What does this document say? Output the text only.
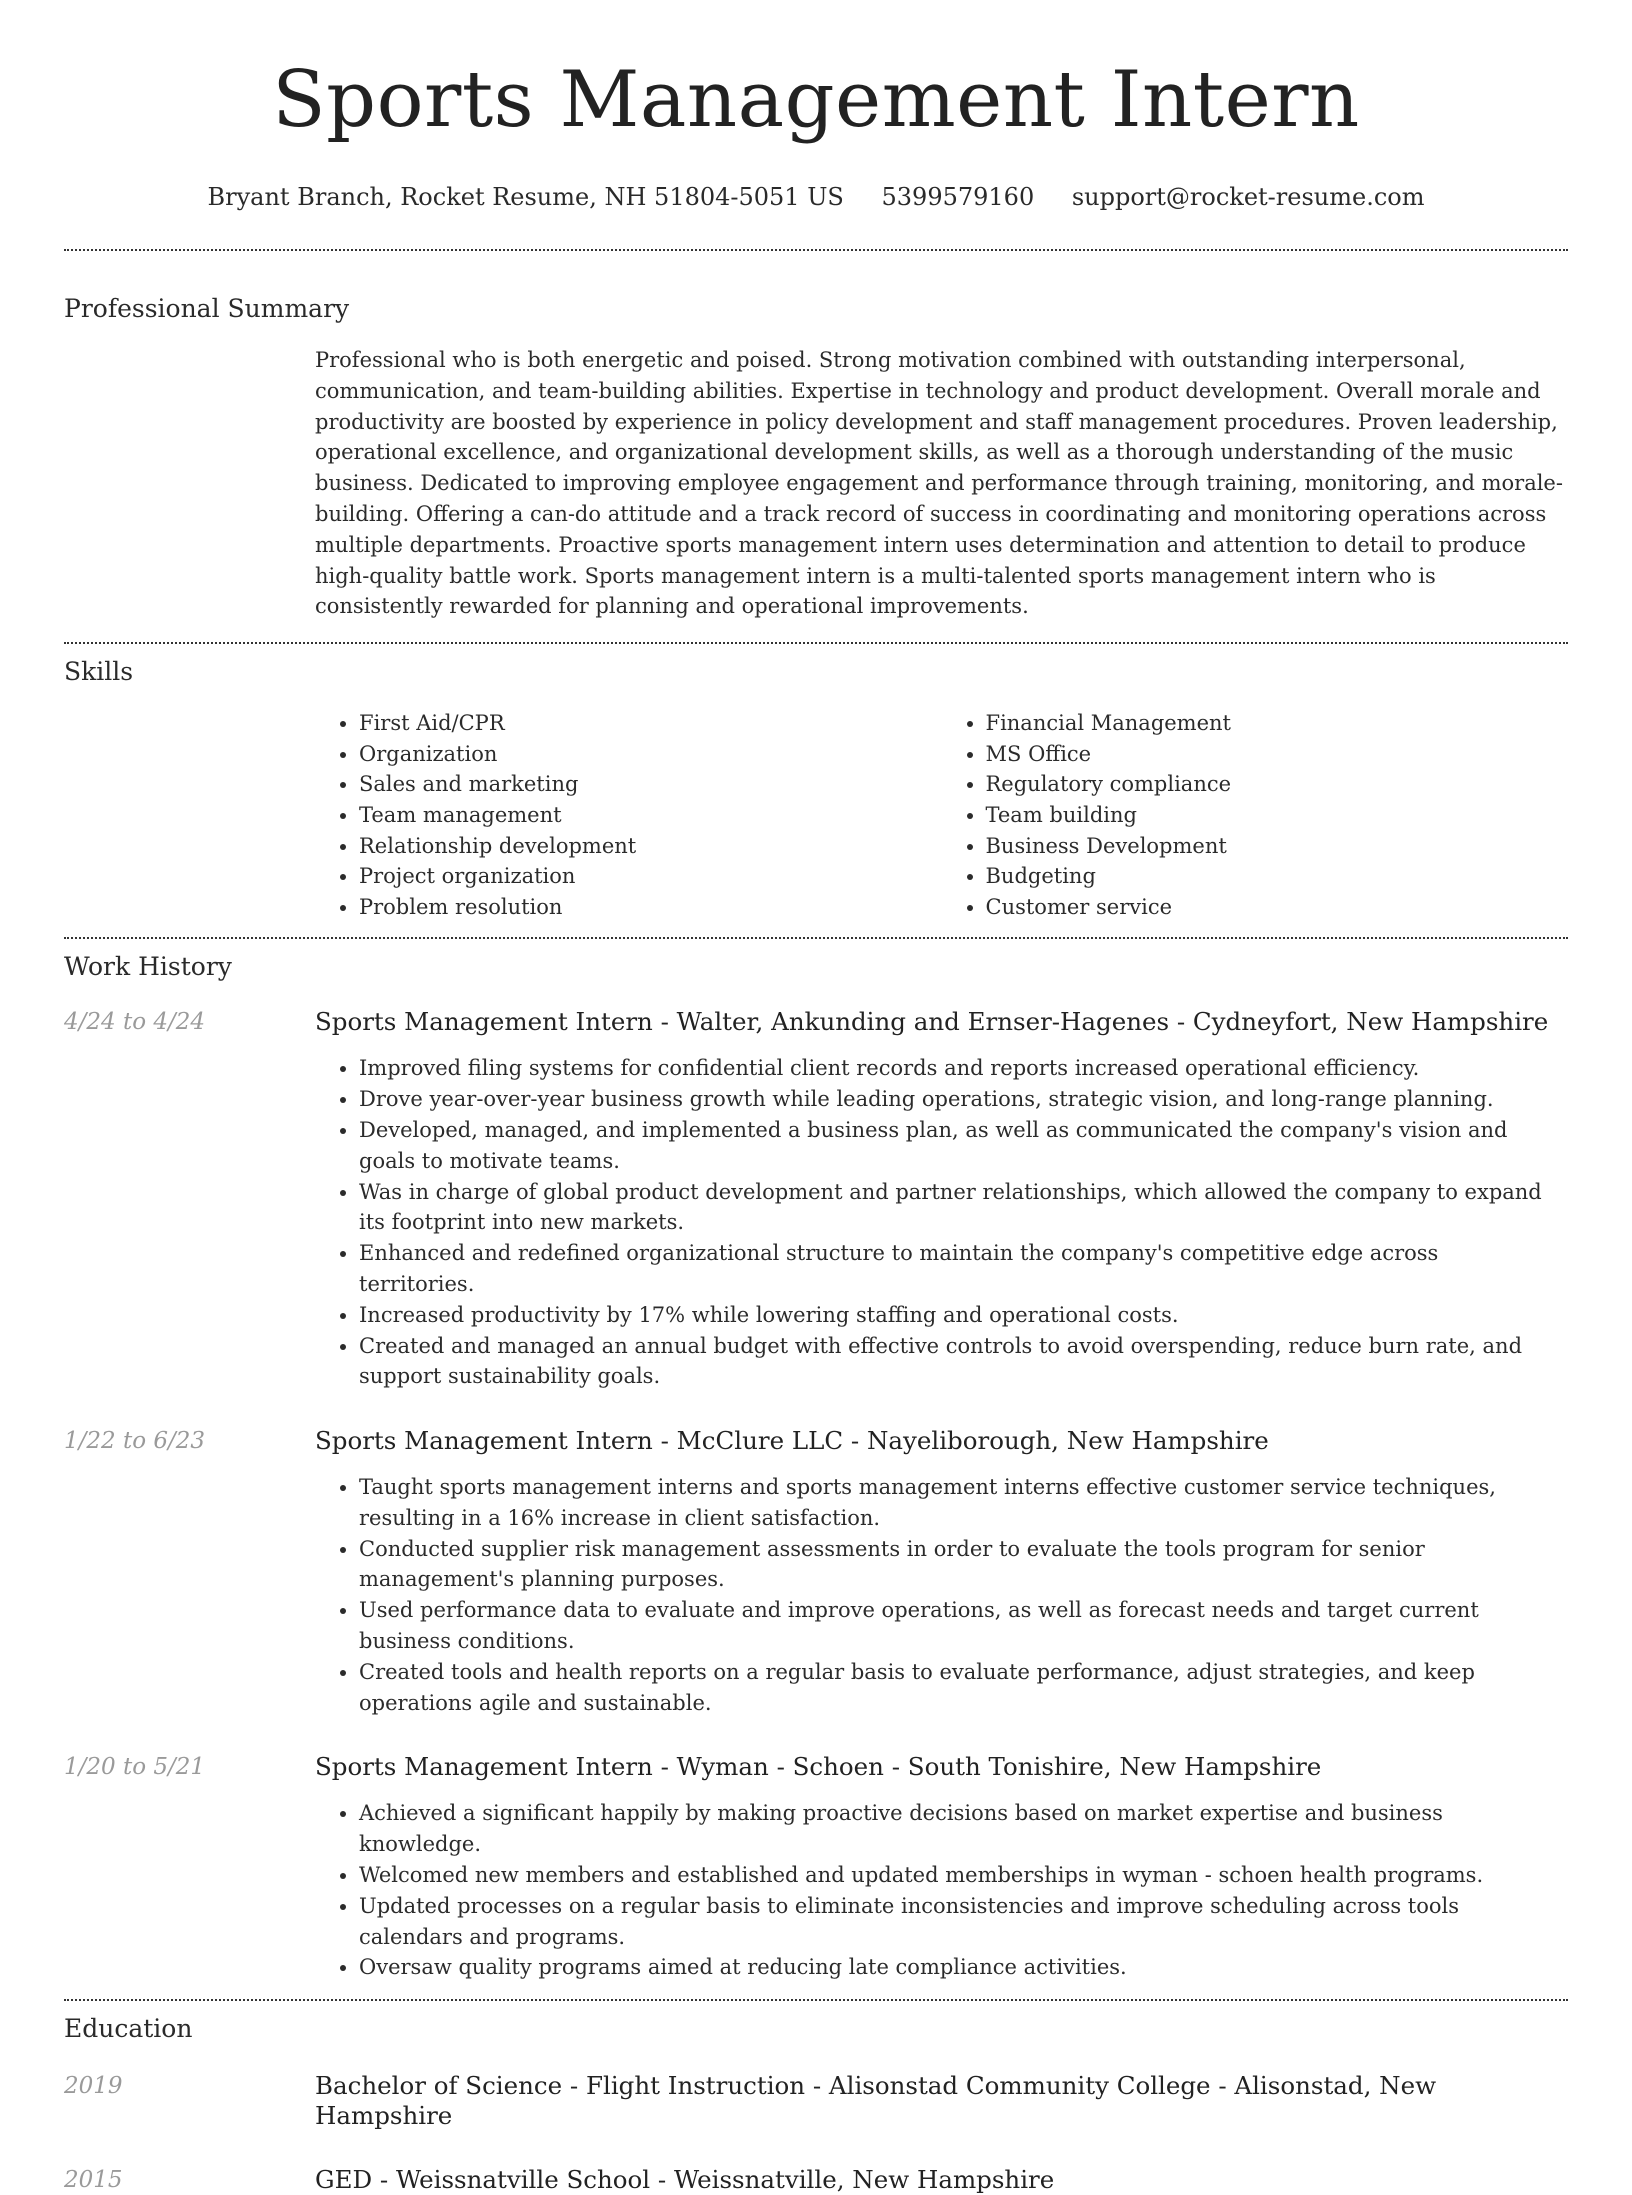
Sports Management Intern
Bryant Branch, Rocket Resume, NH 51804-5051 US 5399579160 support@rocket-resume.com
Professional Summary

Professional who is both energetic and poised. Strong motivation combined with outstanding interpersonal, communication, and team-building abilities. Expertise in technology and product development. Overall morale and productivity are boosted by experience in policy development and staff management procedures. Proven leadership, operational excellence, and organizational development skills, as well as a thorough understanding of the music business. Dedicated to improving employee engagement and performance through training, monitoring, and morale-building. Offering a can-do attitude and a track record of success in coordinating and monitoring operations across multiple departments. Proactive sports management intern uses determination and attention to detail to produce high-quality battle work. Sports management intern is a multi-talented sports management intern who is consistently rewarded for planning and operational improvements.

Skills
• First Aid/CPR
• Organization
• Sales and marketing
• Team management
• Relationship development
• Project organization
• Problem resolution
• Financial Management
• MS Office
• Regulatory compliance
• Team building
• Business Development
• Budgeting
• Customer service
Work History
4/24 to 4/24	Sports Management Intern - Walter, Ankunding and Ernser-Hagenes - Cydneyfort, New Hampshire
• Improved filing systems for confidential client records and reports increased operational efficiency.
• Drove year-over-year business growth while leading operations, strategic vision, and long-range planning.
• Developed, managed, and implemented a business plan, as well as communicated the company's vision and goals to motivate teams.
• Was in charge of global product development and partner relationships, which allowed the company to expand its footprint into new markets.
• Enhanced and redefined organizational structure to maintain the company's competitive edge across territories.
• Increased productivity by 17% while lowering staffing and operational costs.
• Created and managed an annual budget with effective controls to avoid overspending, reduce burn rate, and support sustainability goals.
1/22 to 6/23	Sports Management Intern - McClure LLC - Nayeliborough, New Hampshire
• Taught sports management interns and sports management interns effective customer service techniques, resulting in a 16% increase in client satisfaction.
• Conducted supplier risk management assessments in order to evaluate the tools program for senior management's planning purposes.
• Used performance data to evaluate and improve operations, as well as forecast needs and target current business conditions.
• Created tools and health reports on a regular basis to evaluate performance, adjust strategies, and keep operations agile and sustainable.
1/20 to 5/21	Sports Management Intern - Wyman - Schoen - South Tonishire, New Hampshire
• Achieved a significant happily by making proactive decisions based on market expertise and business knowledge.
• Welcomed new members and established and updated memberships in wyman - schoen health programs.
• Updated processes on a regular basis to eliminate inconsistencies and improve scheduling across tools calendars and programs.
• Oversaw quality programs aimed at reducing late compliance activities.
Education
2019	Bachelor of Science - Flight Instruction - Alisonstad Community College - Alisonstad, New Hampshire
2015	GED - Weissnatville School - Weissnatville, New Hampshire
